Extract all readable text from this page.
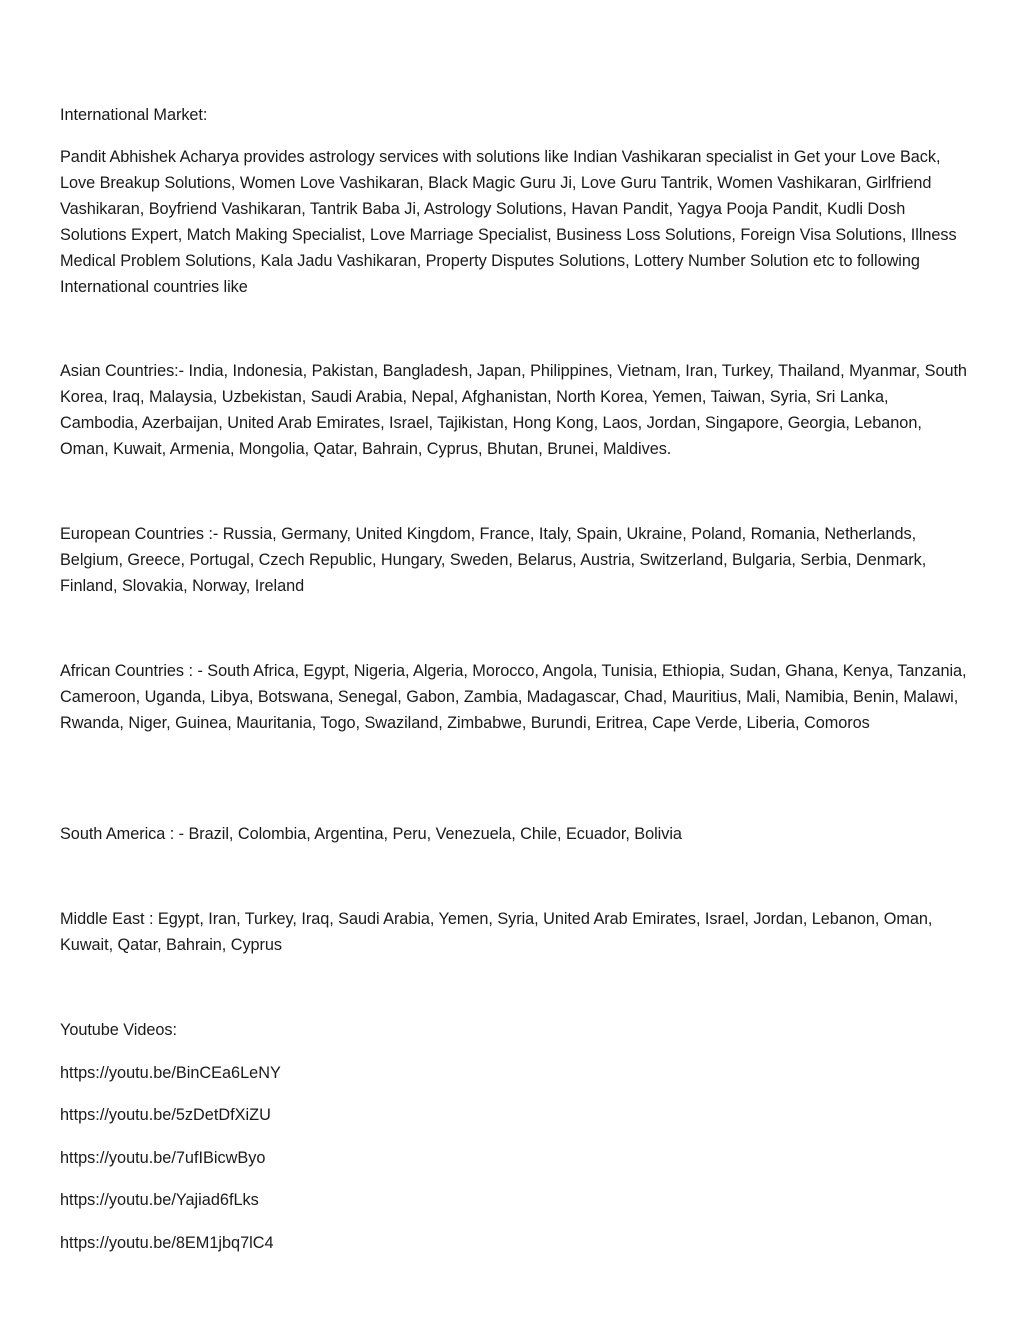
International Market:

Pandit Abhishek Acharya provides astrology services with solutions like Indian Vashikaran specialist in Get your Love Back, Love Breakup Solutions, Women Love Vashikaran, Black Magic Guru Ji, Love Guru Tantrik, Women Vashikaran, Girlfriend Vashikaran, Boyfriend Vashikaran, Tantrik Baba Ji, Astrology Solutions, Havan Pandit, Yagya Pooja Pandit, Kudli Dosh Solutions Expert, Match Making Specialist, Love Marriage Specialist, Business Loss Solutions, Foreign Visa Solutions, Illness Medical Problem Solutions, Kala Jadu Vashikaran, Property Disputes Solutions, Lottery Number Solution etc to following International countries like

Asian Countries:- India, Indonesia, Pakistan, Bangladesh, Japan, Philippines, Vietnam, Iran, Turkey, Thailand, Myanmar, South Korea, Iraq, Malaysia, Uzbekistan, Saudi Arabia, Nepal, Afghanistan, North Korea, Yemen, Taiwan, Syria, Sri Lanka, Cambodia, Azerbaijan, United Arab Emirates, Israel, Tajikistan, Hong Kong, Laos, Jordan, Singapore, Georgia, Lebanon, Oman, Kuwait, Armenia, Mongolia, Qatar, Bahrain, Cyprus, Bhutan, Brunei, Maldives.

European Countries :- Russia, Germany, United Kingdom, France, Italy, Spain, Ukraine, Poland, Romania, Netherlands, Belgium, Greece, Portugal, Czech Republic, Hungary, Sweden, Belarus, Austria, Switzerland, Bulgaria, Serbia, Denmark, Finland, Slovakia, Norway, Ireland

African Countries : - South Africa, Egypt, Nigeria, Algeria, Morocco, Angola, Tunisia, Ethiopia, Sudan, Ghana, Kenya, Tanzania, Cameroon, Uganda, Libya, Botswana, Senegal, Gabon, Zambia, Madagascar, Chad, Mauritius, Mali, Namibia, Benin, Malawi, Rwanda, Niger, Guinea, Mauritania, Togo, Swaziland, Zimbabwe, Burundi, Eritrea, Cape Verde, Liberia, Comoros

South America : - Brazil, Colombia, Argentina, Peru, Venezuela, Chile, Ecuador, Bolivia

Middle East : Egypt, Iran, Turkey, Iraq, Saudi Arabia, Yemen, Syria, United Arab Emirates, Israel, Jordan, Lebanon, Oman, Kuwait, Qatar, Bahrain, Cyprus

Youtube Videos:

https://youtu.be/BinCEa6LeNY
https://youtu.be/5zDetDfXiZU
https://youtu.be/7ufIBicwByo
https://youtu.be/Yajiad6fLks
https://youtu.be/8EM1jbq7lC4
